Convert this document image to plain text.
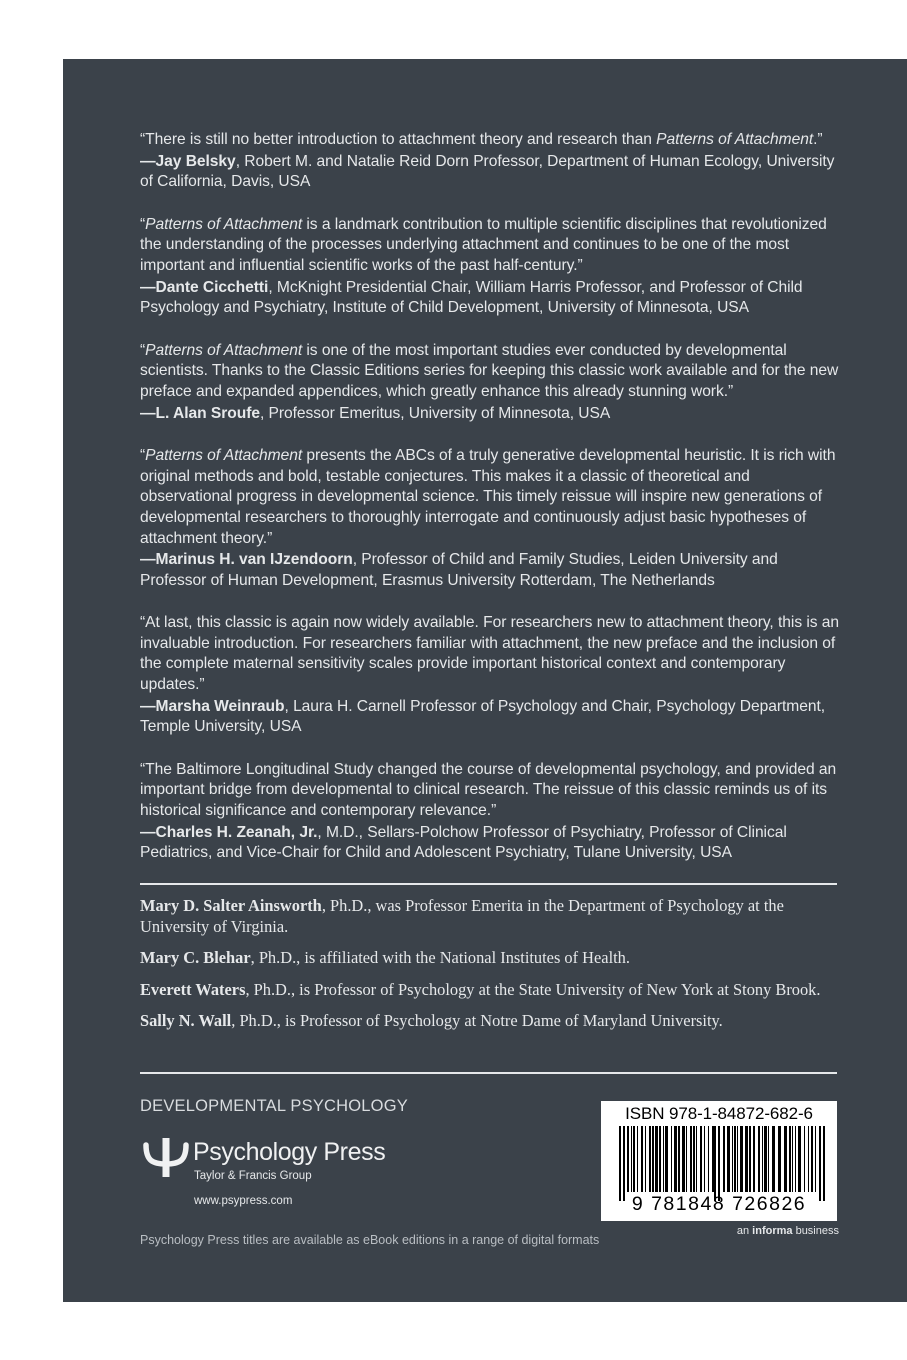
“There is still no better introduction to attachment theory and research than Patterns of Attachment.”
—Jay Belsky, Robert M. and Natalie Reid Dorn Professor, Department of Human Ecology, University of California, Davis, USA
“Patterns of Attachment is a landmark contribution to multiple scientific disciplines that revolutionized the understanding of the processes underlying attachment and continues to be one of the most important and influential scientific works of the past half-century.”
—Dante Cicchetti, McKnight Presidential Chair, William Harris Professor, and Professor of Child Psychology and Psychiatry, Institute of Child Development, University of Minnesota, USA
“Patterns of Attachment is one of the most important studies ever conducted by developmental scientists. Thanks to the Classic Editions series for keeping this classic work available and for the new preface and expanded appendices, which greatly enhance this already stunning work.”
—L. Alan Sroufe, Professor Emeritus, University of Minnesota, USA
“Patterns of Attachment presents the ABCs of a truly generative developmental heuristic. It is rich with original methods and bold, testable conjectures. This makes it a classic of theoretical and observational progress in developmental science. This timely reissue will inspire new generations of developmental researchers to thoroughly interrogate and continuously adjust basic hypotheses of attachment theory.”
—Marinus H. van IJzendoorn, Professor of Child and Family Studies, Leiden University and Professor of Human Development, Erasmus University Rotterdam, The Netherlands
“At last, this classic is again now widely available. For researchers new to attachment theory, this is an invaluable introduction. For researchers familiar with attachment, the new preface and the inclusion of the complete maternal sensitivity scales provide important historical context and contemporary updates.”
—Marsha Weinraub, Laura H. Carnell Professor of Psychology and Chair, Psychology Department, Temple University, USA
“The Baltimore Longitudinal Study changed the course of developmental psychology, and provided an important bridge from developmental to clinical research. The reissue of this classic reminds us of its historical significance and contemporary relevance.”
—Charles H. Zeanah, Jr., M.D., Sellars-Polchow Professor of Psychiatry, Professor of Clinical Pediatrics, and Vice-Chair for Child and Adolescent Psychiatry, Tulane University, USA
Mary D. Salter Ainsworth, Ph.D., was Professor Emerita in the Department of Psychology at the University of Virginia.
Mary C. Blehar, Ph.D., is affiliated with the National Institutes of Health.
Everett Waters, Ph.D., is Professor of Psychology at the State University of New York at Stony Brook.
Sally N. Wall, Ph.D., is Professor of Psychology at Notre Dame of Maryland University.
DEVELOPMENTAL PSYCHOLOGY
Psychology Press
Taylor & Francis Group
www.psypress.com
ISBN 978-1-84872-682-6
9 781848 726826
an informa business
Psychology Press titles are available as eBook editions in a range of digital formats
